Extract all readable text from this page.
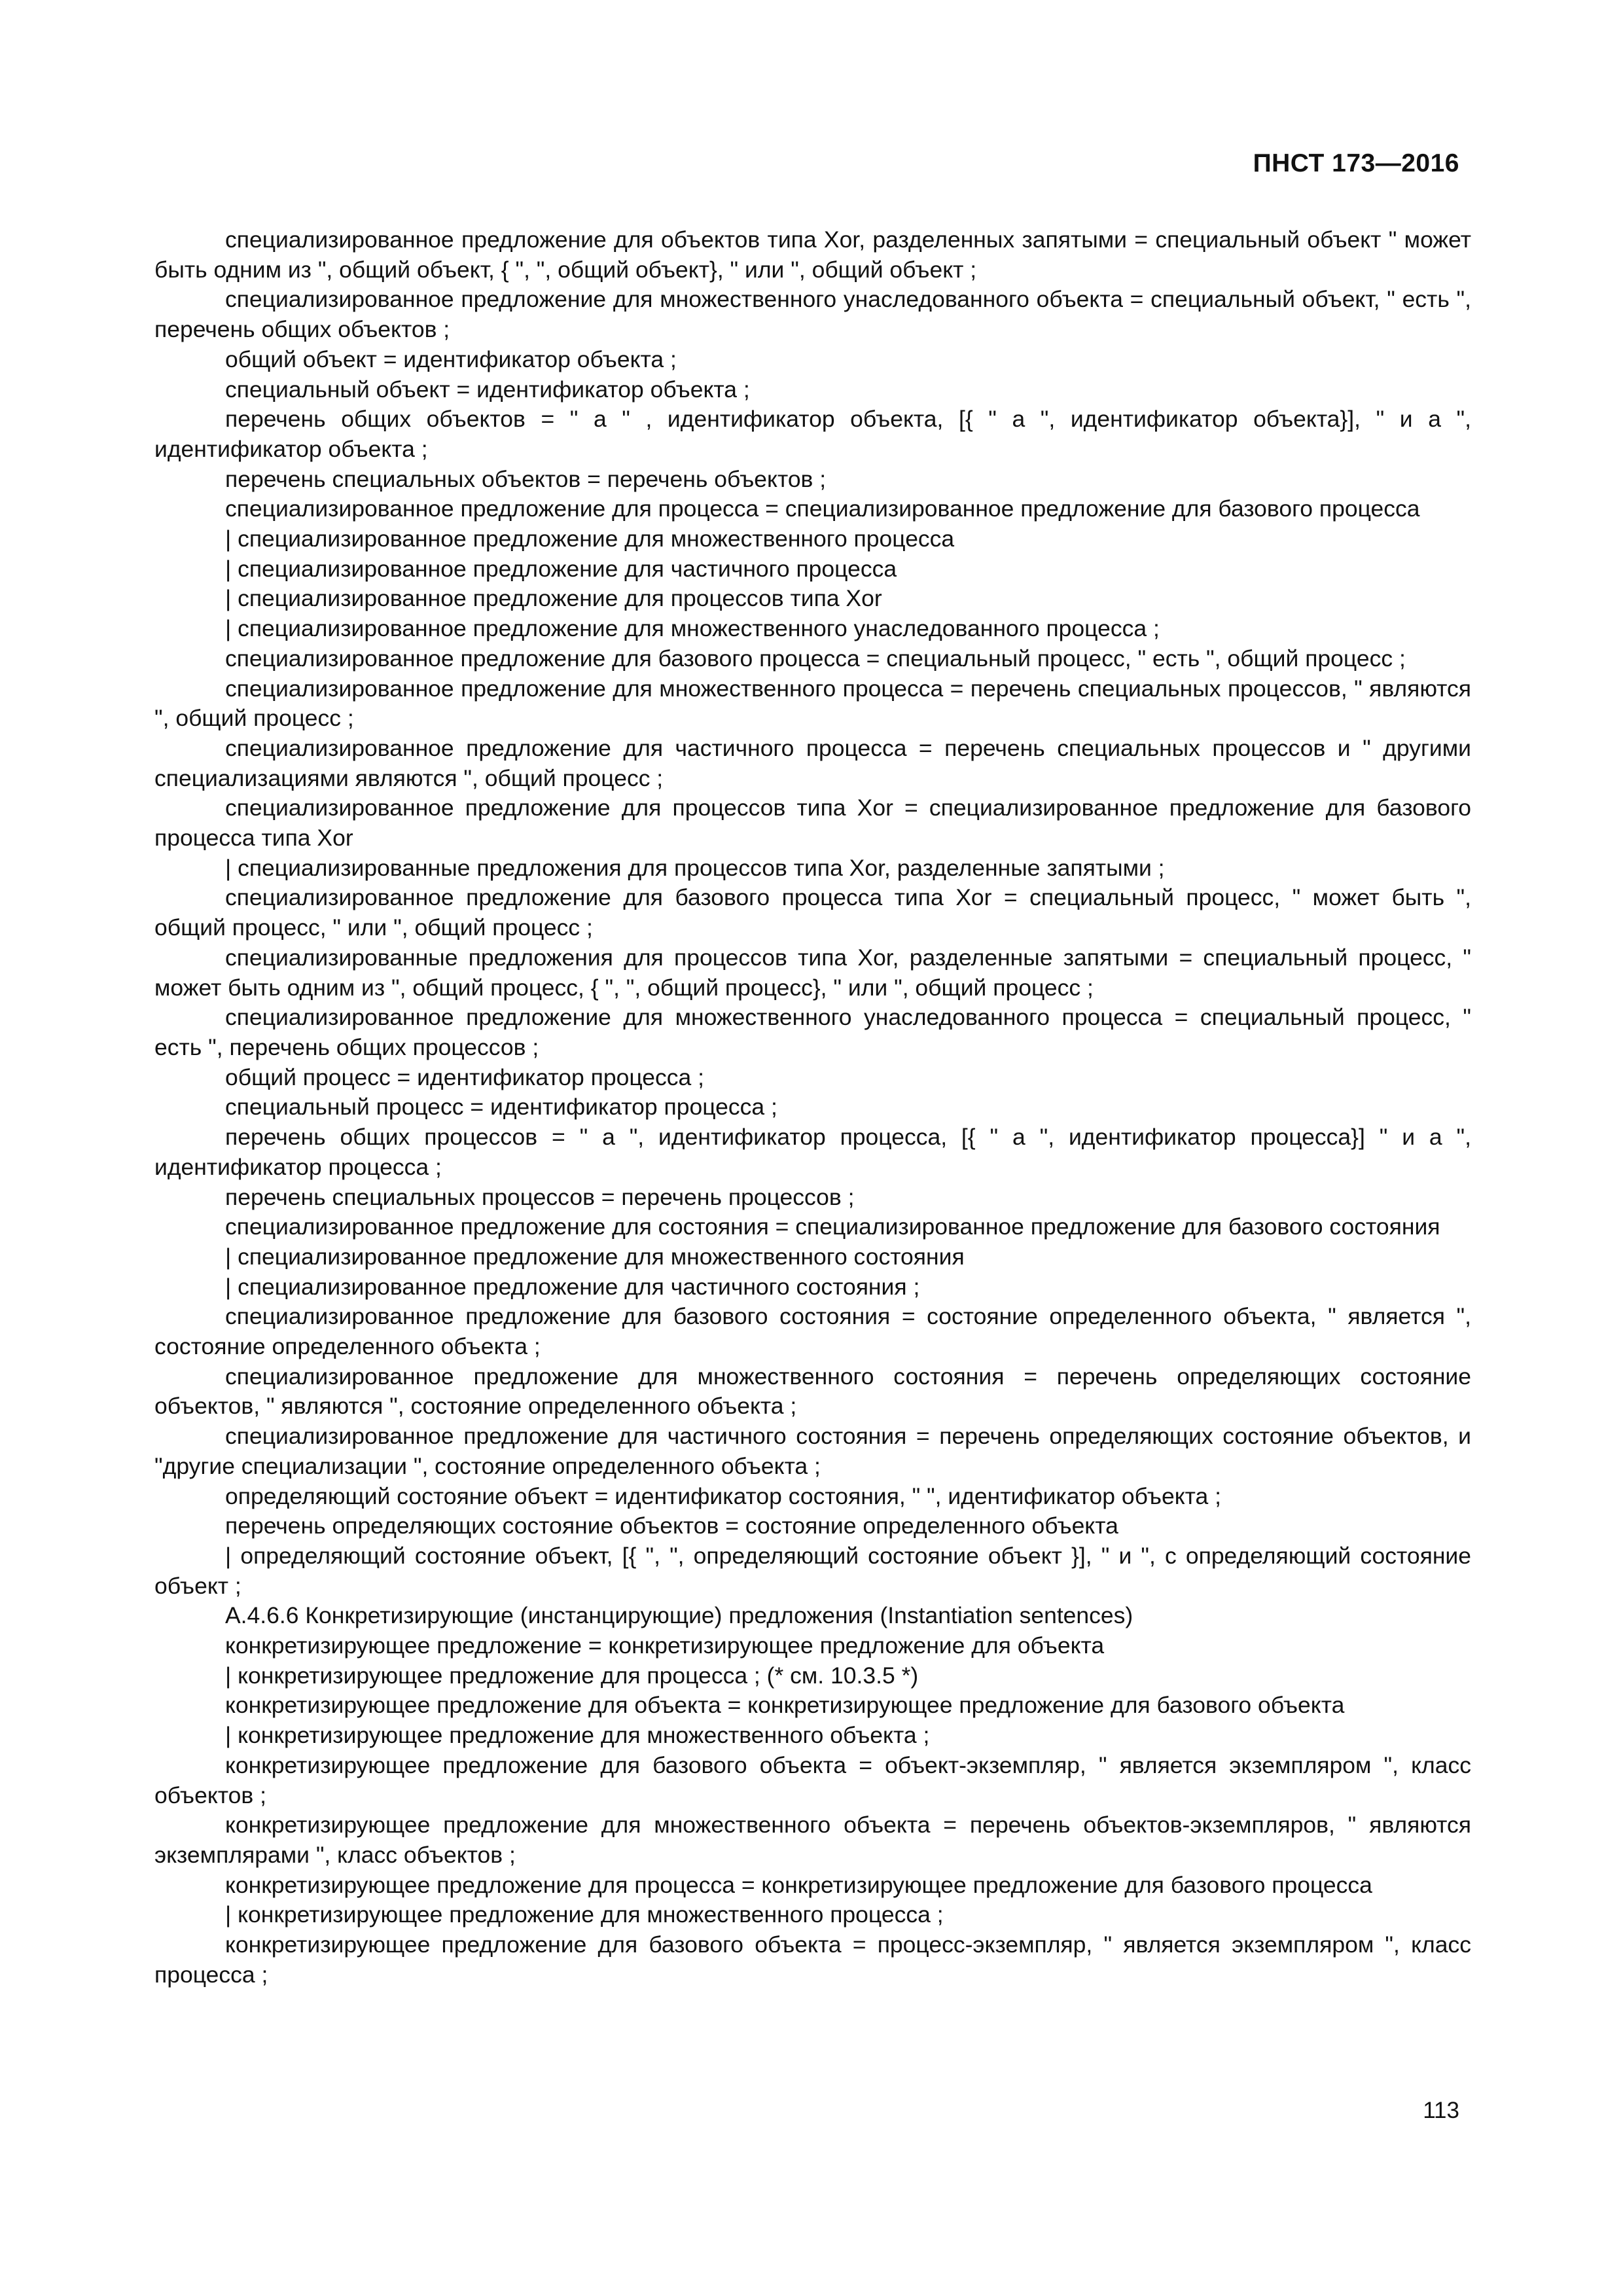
ПНСТ 173—2016

специализированное предложение для объектов типа Xor, разделенных запятыми = специальный объект " может быть одним из ", общий объект, { ", ", общий объект}, " или ", общий объект ;

специализированное предложение для множественного унаследованного объекта = специальный объект, " есть ", перечень общих объектов ;

общий объект = идентификатор объекта ;

специальный объект = идентификатор объекта ;

перечень общих объектов = " а " , идентификатор объекта, [{ " а ", идентификатор объекта}], " и а ", идентификатор объекта ;

перечень специальных объектов = перечень объектов ;

специализированное предложение для процесса = специализированное предложение для базового процесса

| специализированное предложение для множественного процесса

| специализированное предложение для частичного процесса

| специализированное предложение для процессов типа Xor

| специализированное предложение для множественного унаследованного процесса ;

специализированное предложение для базового процесса = специальный процесс, " есть ", общий процесс ;

специализированное предложение для множественного процесса = перечень специальных процессов, " являются ", общий процесс ;

специализированное предложение для частичного процесса = перечень специальных процессов и " другими специализациями являются ", общий процесс ;

специализированное предложение для процессов типа Xor = специализированное предложение для базового процесса типа Xor

| специализированные предложения для процессов типа Xor, разделенные запятыми ;

специализированное предложение для базового процесса типа Xor = специальный процесс, " может быть ", общий процесс, " или ", общий процесс ;

специализированные предложения для процессов типа Xor, разделенные запятыми = специальный процесс, " может быть одним из ", общий процесс, { ", ", общий процесс}, " или ", общий процесс ;

специализированное предложение для множественного унаследованного процесса = специальный процесс, " есть ", перечень общих процессов ;

общий процесс = идентификатор процесса ;

специальный процесс = идентификатор процесса ;

перечень общих процессов = " а ", идентификатор процесса, [{ " а ", идентификатор процесса}] " и а ", идентификатор процесса ;

перечень специальных процессов = перечень процессов ;

специализированное предложение для состояния = специализированное предложение для базового состояния

| специализированное предложение для множественного состояния

| специализированное предложение для частичного состояния ;

специализированное предложение для базового состояния = состояние определенного объекта, " является ", состояние определенного объекта ;

специализированное предложение для множественного состояния = перечень определяющих состояние объектов, " являются ", состояние определенного объекта ;

специализированное предложение для частичного состояния = перечень определяющих состояние объектов, и "другие специализации ", состояние определенного объекта ;

определяющий состояние объект = идентификатор состояния, " ", идентификатор объекта ;

перечень определяющих состояние объектов = состояние определенного объекта

| определяющий состояние объект, [{ ", ", определяющий состояние объект }], " и ", с определяющий состояние объект ;

А.4.6.6 Конкретизирующие (инстанцирующие) предложения (Instantiation sentences)

конкретизирующее предложение = конкретизирующее предложение для объекта

| конкретизирующее предложение для процесса ; (* см. 10.3.5 *)

конкретизирующее предложение для объекта = конкретизирующее предложение для базового объекта

| конкретизирующее предложение для множественного объекта ;

конкретизирующее предложение для базового объекта = объект-экземпляр, " является экземпляром ", класс объектов ;

конкретизирующее предложение для множественного объекта = перечень объектов-экземпляров, " являются экземплярами ", класс объектов ;

конкретизирующее предложение для процесса = конкретизирующее предложение для базового процесса

| конкретизирующее предложение для множественного процесса ;

конкретизирующее предложение для базового объекта = процесс-экземпляр, " является экземпляром ", класс процесса ;

113
